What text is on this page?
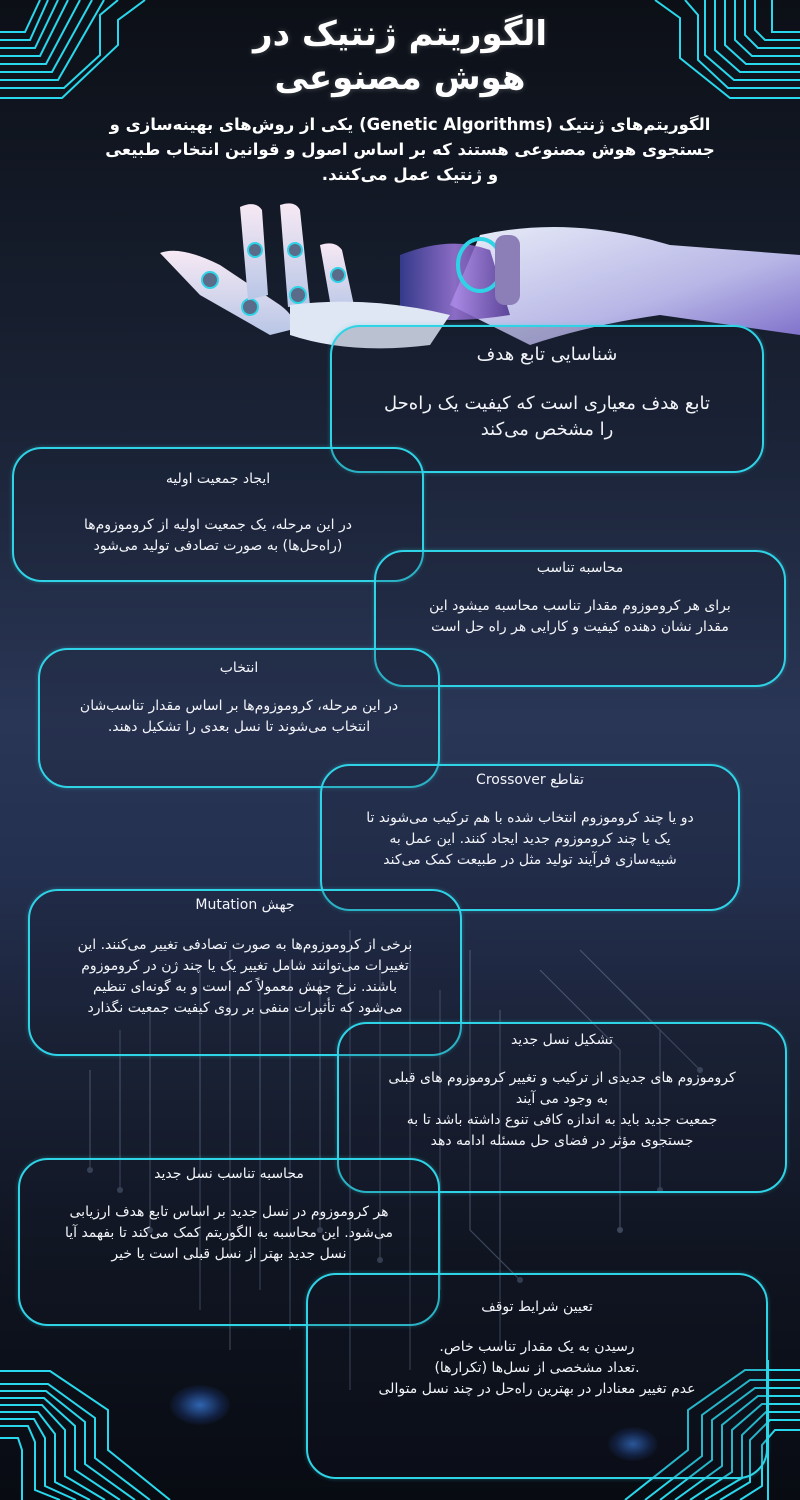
الگوریتم ژنتیک در
هوش مصنوعی
الگوریتم‌های ژنتیک (Genetic Algorithms) یکی از روش‌های بهینه‌سازی و جستجوی هوش مصنوعی هستند که بر اساس اصول و قوانین انتخاب طبیعی و ژنتیک عمل می‌کنند.
شناسایی تابع هدف
تابع هدف معیاری است که کیفیت یک راه‌حل
را مشخص می‌کند
ایجاد جمعیت اولیه
در این مرحله، یک جمعیت اولیه از کروموزوم‌ها
(راه‌حل‌ها) به صورت تصادفی تولید می‌شود
محاسبه تناسب
برای هر کروموزوم مقدار تناسب محاسبه میشود این
مقدار نشان دهنده کیفیت و کارایی هر راه حل است
انتخاب
در این مرحله، کروموزوم‌ها بر اساس مقدار تناسب‌شان
انتخاب می‌شوند تا نسل بعدی را تشکیل دهند.
تقاطع Crossover
دو یا چند کروموزوم انتخاب شده با هم ترکیب می‌شوند تا
یک یا چند کروموزوم جدید ایجاد کنند. این عمل به
شبیه‌سازی فرآیند تولید مثل در طبیعت کمک می‌کند
جهش Mutation
برخی از کروموزوم‌ها به صورت تصادفی تغییر می‌کنند. این
تغییرات می‌توانند شامل تغییر یک یا چند ژن در کروموزوم
باشند. نرخ جهش معمولاً کم است و به گونه‌ای تنظیم
می‌شود که تأثیرات منفی بر روی کیفیت جمعیت نگذارد
تشکیل نسل جدید
کروموزوم های جدیدی از ترکیب و تغییر کروموزوم های قبلی
به وجود می آیند
جمعیت جدید باید به اندازه کافی تنوع داشته باشد تا به
جستجوی مؤثر در فضای حل مسئله ادامه دهد
محاسبه تناسب نسل جدید
هر کروموزوم در نسل جدید بر اساس تابع هدف ارزیابی
می‌شود. این محاسبه به الگوریتم کمک می‌کند تا بفهمد آیا
نسل جدید بهتر از نسل قبلی است یا خیر
تعیین شرایط توقف
رسیدن به یک مقدار تناسب خاص.
.تعداد مشخصی از نسل‌ها (تکرارها)
عدم تغییر معنادار در بهترین راه‌حل در چند نسل متوالی
